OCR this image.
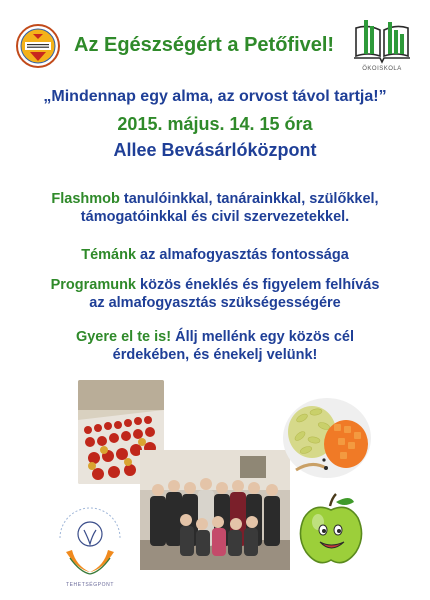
Az Egészségért a Petőfivel!
ÖKOISKOLA
„Mindennap egy alma, az orvost távol tartja!”
2015. május. 14. 15 óra
Allee Bevásárlóközpont
Flashmob tanulóinkkal, tanárainkkal, szülőkkel,
támogatóinkkal és civil szervezetekkel.
Témánk az almafogyasztás fontossága
Programunk közös éneklés és figyelem felhívás
az almafogyasztás szükségességére
Gyere el te is! Állj mellénk egy közös cél
érdekében, és énekelj velünk!
TEHETSÉGPONT
